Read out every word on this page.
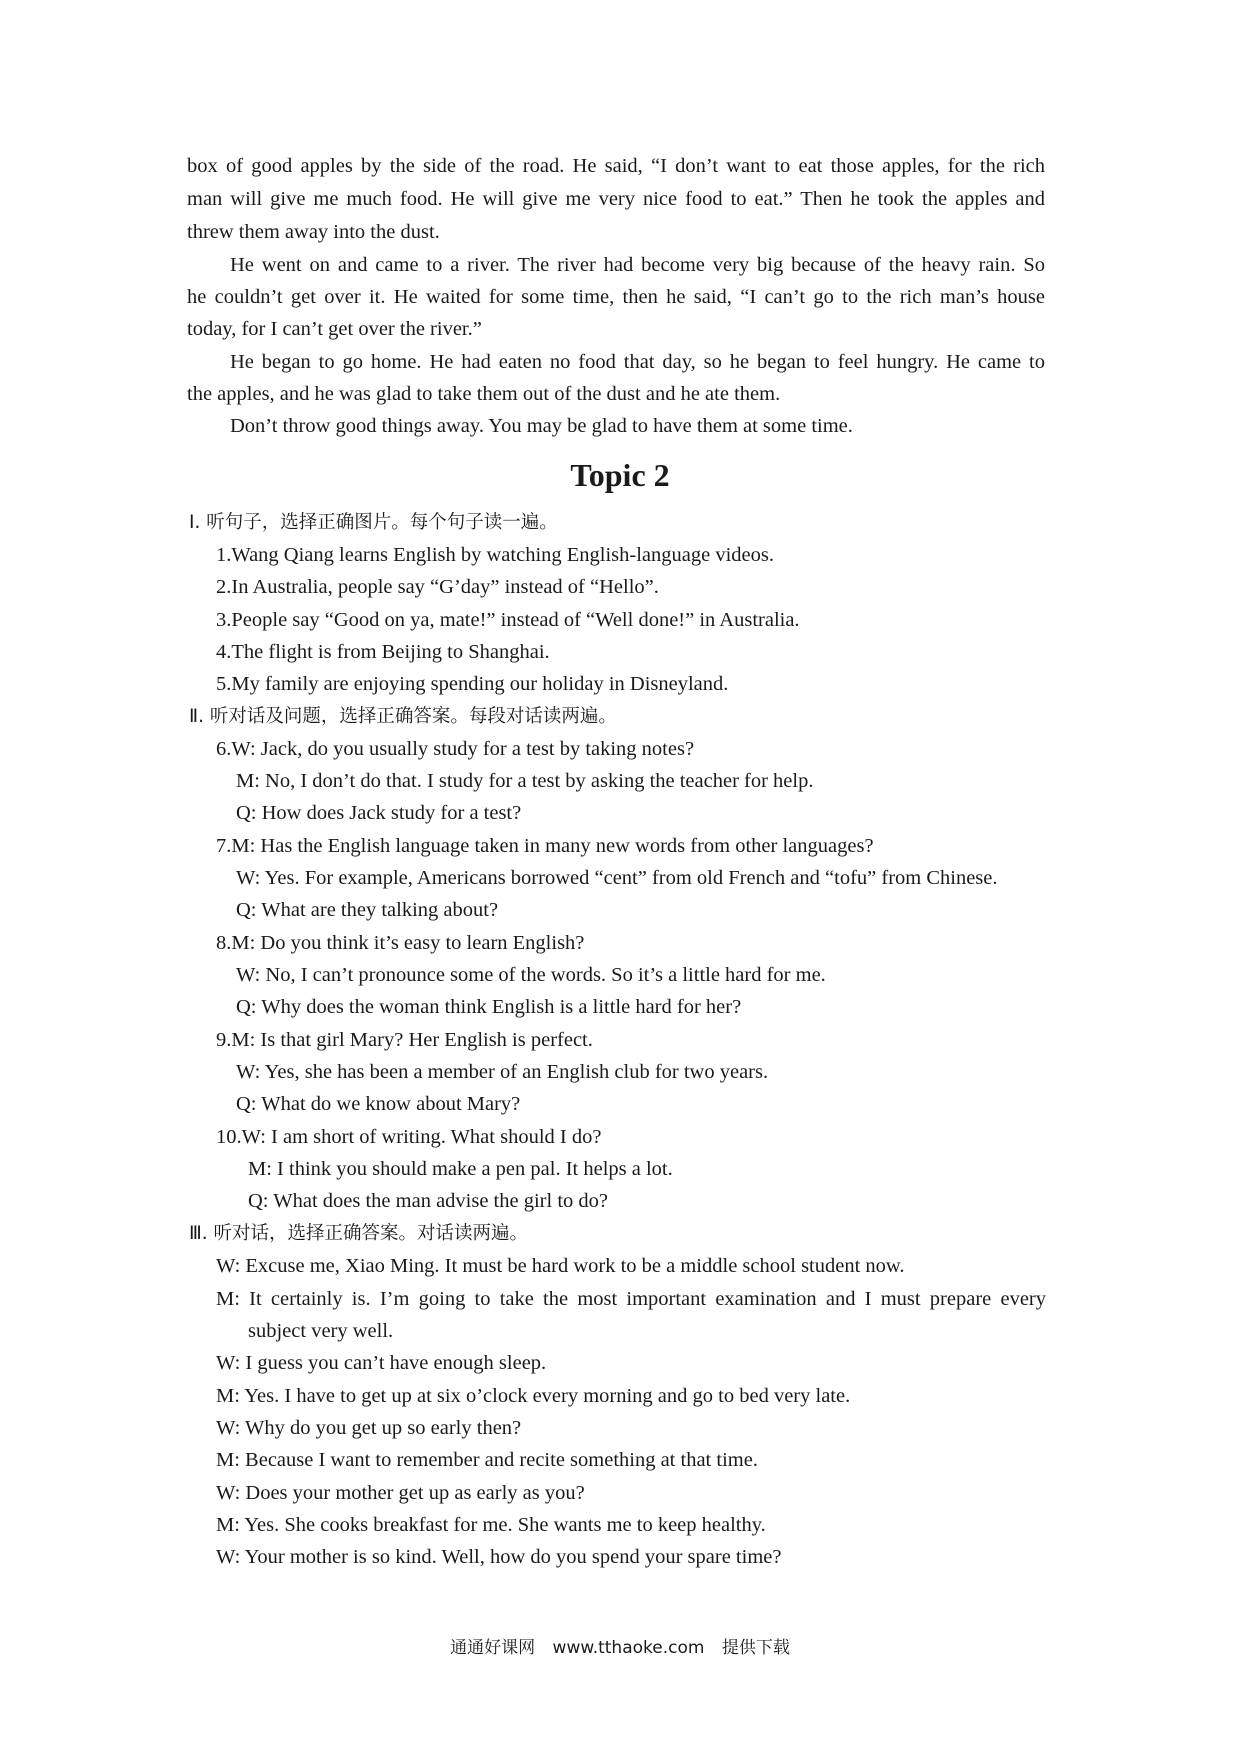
box of good apples by the side of the road. He said, “I don’t want to eat those apples, for the rich
man will give me much food. He will give me very nice food to eat.” Then he took the apples and
threw them away into the dust.
He went on and came to a river. The river had become very big because of the heavy rain. So
he couldn’t get over it. He waited for some time, then he said, “I can’t go to the rich man’s house
today, for I can’t get over the river.”
He began to go home. He had eaten no food that day, so he began to feel hungry. He came to
the apples, and he was glad to take them out of the dust and he ate them.
Don’t throw good things away. You may be glad to have them at some time.
Topic 2
Ⅰ. 听句子，选择正确图片。每个句子读一遍。
1.Wang Qiang learns English by watching English-language videos.
2.In Australia, people say “G’day” instead of “Hello”.
3.People say “Good on ya, mate!” instead of “Well done!” in Australia.
4.The flight is from Beijing to Shanghai.
5.My family are enjoying spending our holiday in Disneyland.
Ⅱ. 听对话及问题，选择正确答案。每段对话读两遍。
6.W: Jack, do you usually study for a test by taking notes?
M: No, I don’t do that. I study for a test by asking the teacher for help.
Q: How does Jack study for a test?
7.M: Has the English language taken in many new words from other languages?
W: Yes. For example, Americans borrowed “cent” from old French and “tofu” from Chinese.
Q: What are they talking about?
8.M: Do you think it’s easy to learn English?
W: No, I can’t pronounce some of the words. So it’s a little hard for me.
Q: Why does the woman think English is a little hard for her?
9.M: Is that girl Mary? Her English is perfect.
W: Yes, she has been a member of an English club for two years.
Q: What do we know about Mary?
10.W: I am short of writing. What should I do?
M: I think you should make a pen pal. It helps a lot.
Q: What does the man advise the girl to do?
Ⅲ. 听对话，选择正确答案。对话读两遍。
W: Excuse me, Xiao Ming. It must be hard work to be a middle school student now.
M: It certainly is. I’m going to take the most important examination and I must prepare every
subject very well.
W: I guess you can’t have enough sleep.
M: Yes. I have to get up at six o’clock every morning and go to bed very late.
W: Why do you get up so early then?
M: Because I want to remember and recite something at that time.
W: Does your mother get up as early as you?
M: Yes. She cooks breakfast for me. She wants me to keep healthy.
W: Your mother is so kind. Well, how do you spend your spare time?
通通好课网 www.tthaoke.com 提供下载
